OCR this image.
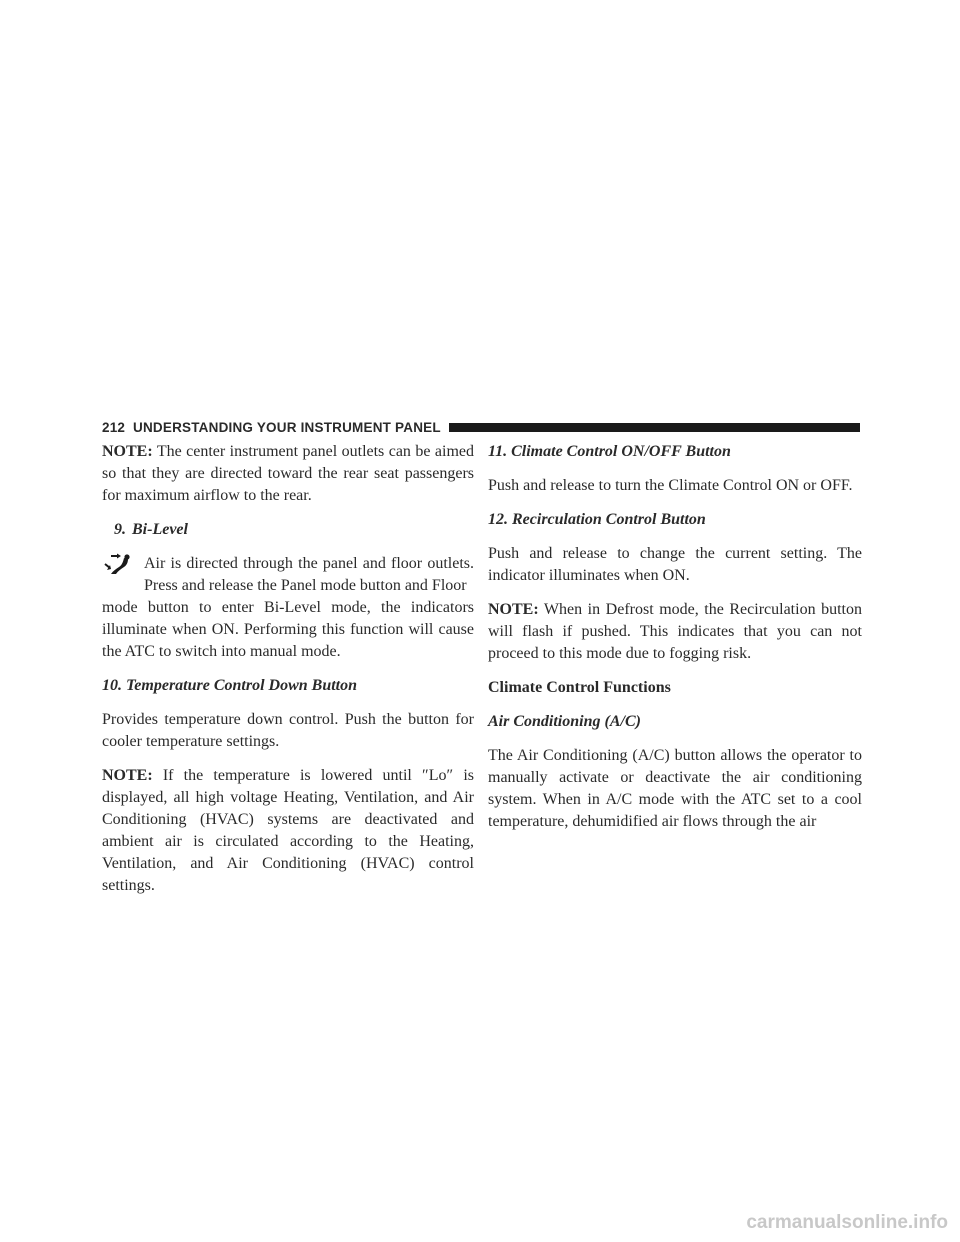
212 UNDERSTANDING YOUR INSTRUMENT PANEL

NOTE: The center instrument panel outlets can be aimed so that they are directed toward the rear seat passengers for maximum airflow to the rear.

9. Bi-Level
Air is directed through the panel and floor outlets. Press and release the Panel mode button and Floor
mode button to enter Bi-Level mode, the indicators illuminate when ON. Performing this function will cause the ATC to switch into manual mode.
10. Temperature Control Down Button

Provides temperature down control. Push the button for cooler temperature settings.

NOTE: If the temperature is lowered until ″Lo″ is displayed, all high voltage Heating, Ventilation, and Air Conditioning (HVAC) systems are deactivated and ambient air is circulated according to the Heating, Ventilation, and Air Conditioning (HVAC) control settings.

11. Climate Control ON/OFF Button

Push and release to turn the Climate Control ON or OFF.

12. Recirculation Control Button

Push and release to change the current setting. The indicator illuminates when ON.

NOTE: When in Defrost mode, the Recirculation button will flash if pushed. This indicates that you can not proceed to this mode due to fogging risk.

Climate Control Functions
Air Conditioning (A/C)

The Air Conditioning (A/C) button allows the operator to manually activate or deactivate the air conditioning system. When in A/C mode with the ATC set to a cool temperature, dehumidified air flows through the air

carmanualsonline.info
